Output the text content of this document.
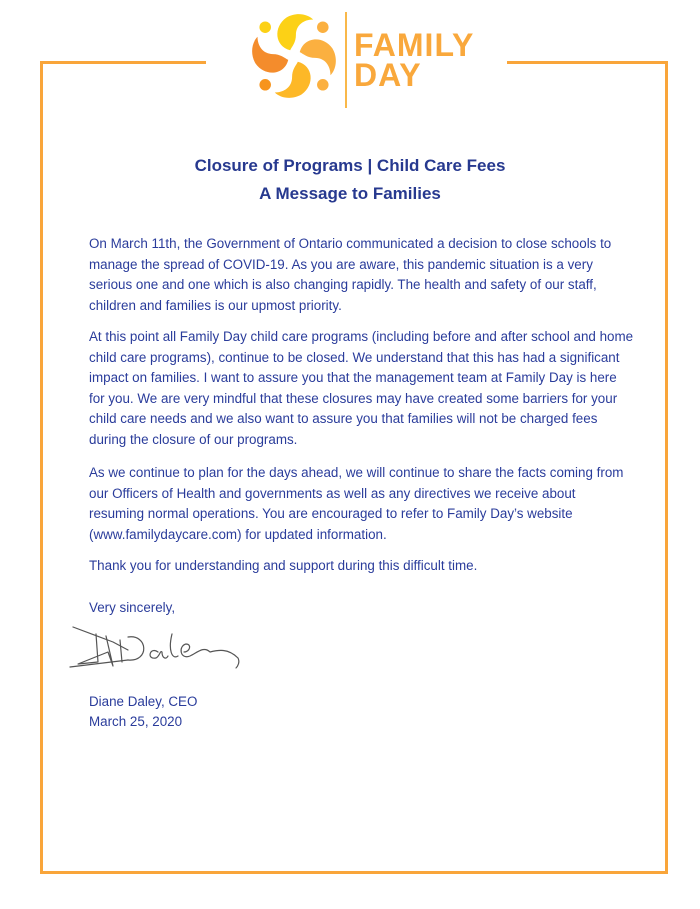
FAMILY
DAY
Closure of Programs | Child Care Fees
A Message to Families

On March 11th, the Government of Ontario communicated a decision to close schools to manage the spread of COVID-19. As you are aware, this pandemic situation is a very serious one and one which is also changing rapidly. The health and safety of our staff, children and families is our upmost priority.

At this point all Family Day child care programs (including before and after school and home child care programs), continue to be closed. We understand that this has had a significant impact on families. I want to assure you that the management team at Family Day is here for you. We are very mindful that these closures may have created some barriers for your child care needs and we also want to assure you that families will not be charged fees during the closure of our programs.

As we continue to plan for the days ahead, we will continue to share the facts coming from our Officers of Health and governments as well as any directives we receive about resuming normal operations. You are encouraged to refer to Family Day’s website (www.familydaycare.com) for updated information.

Thank you for understanding and support during this difficult time.

Very sincerely,
Diane Daley, CEO
March 25, 2020
